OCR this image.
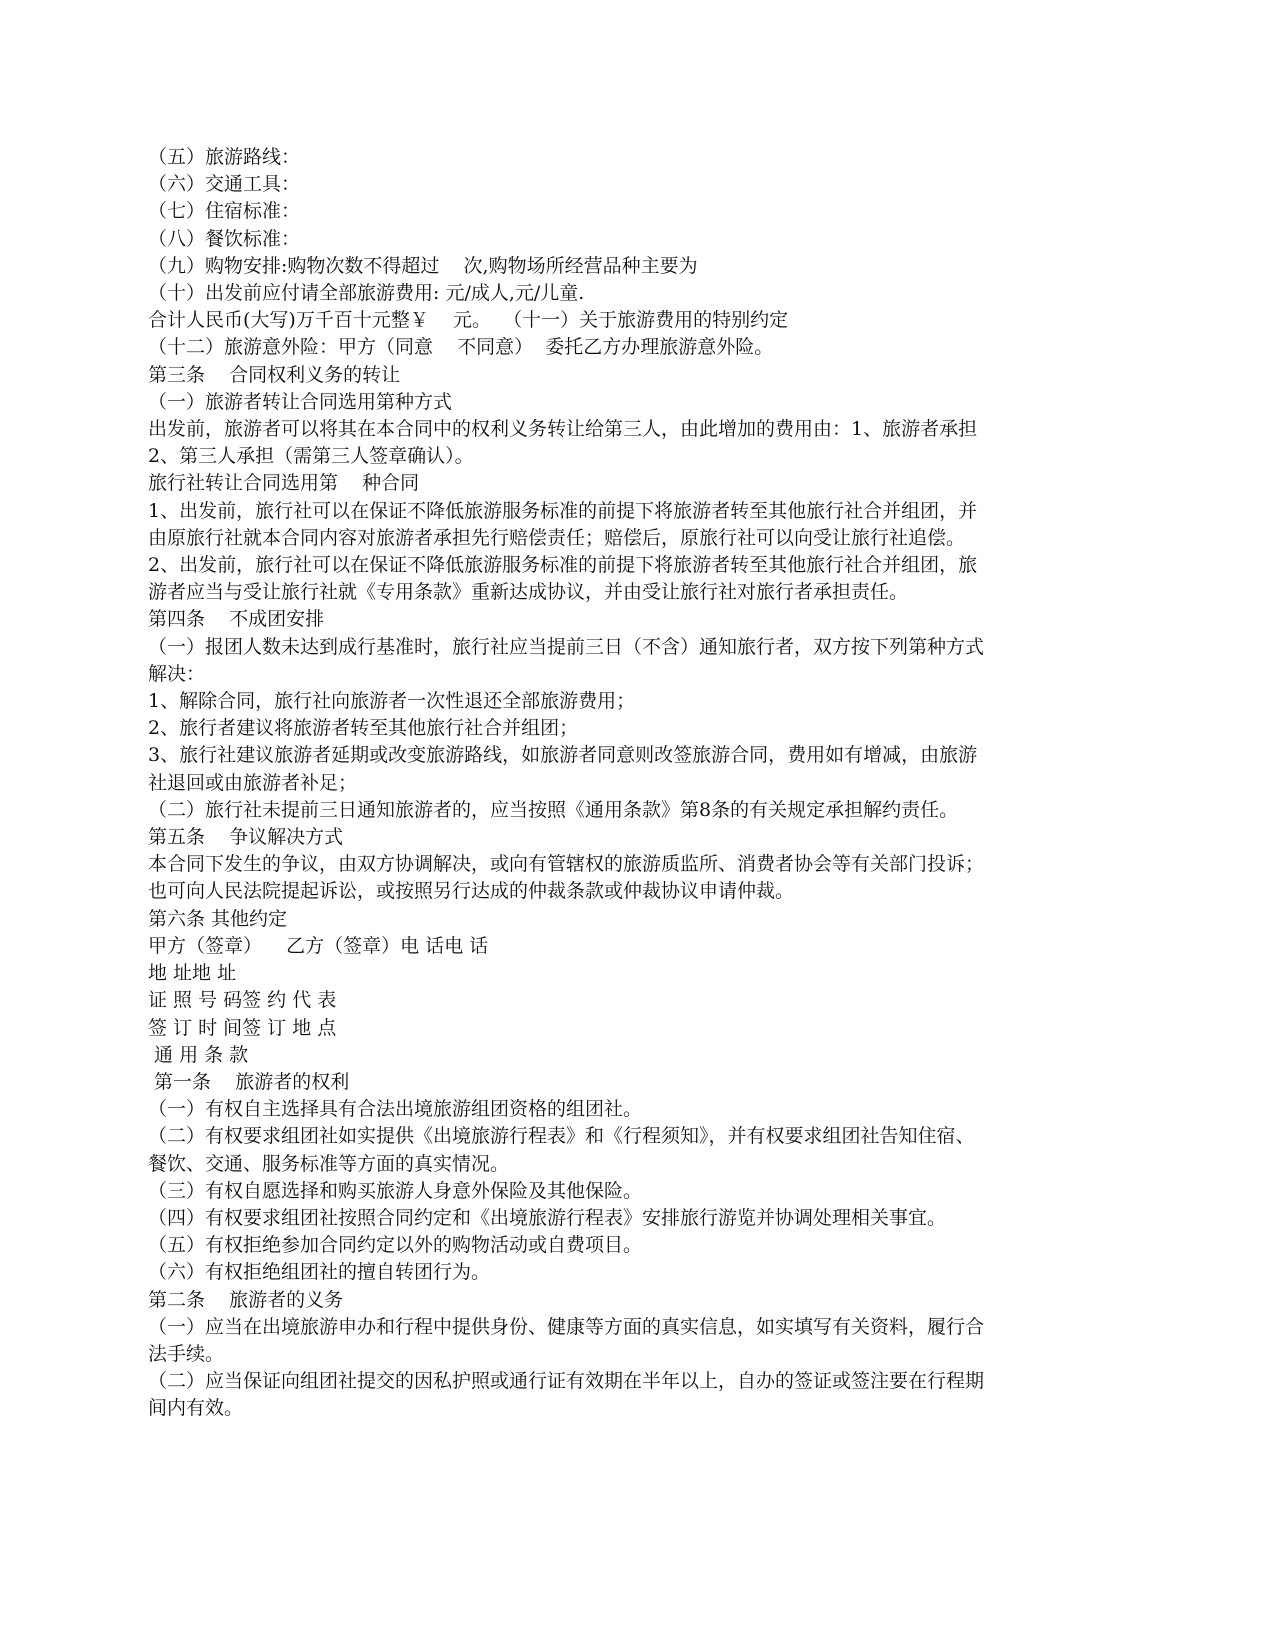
（五）旅游路线：
（六）交通工具：
（七）住宿标准：
（八）餐饮标准：
（九）购物安排:购物次数不得超过    次,购物场所经营品种主要为
（十）出发前应付请全部旅游费用: 元/成人,元/儿童.
合计人民币(大写)万千百十元整￥    元。  （十一）关于旅游费用的特别约定
（十二）旅游意外险：甲方（同意    不同意）  委托乙方办理旅游意外险。
第三条    合同权利义务的转让
（一）旅游者转让合同选用第种方式
出发前，旅游者可以将其在本合同中的权利义务转让给第三人，由此增加的费用由：1、旅游者承担
2、第三人承担（需第三人签章确认）。
旅行社转让合同选用第    种合同
1、出发前，旅行社可以在保证不降低旅游服务标准的前提下将旅游者转至其他旅行社合并组团，并
由原旅行社就本合同内容对旅游者承担先行赔偿责任；赔偿后，原旅行社可以向受让旅行社追偿。
2、出发前，旅行社可以在保证不降低旅游服务标准的前提下将旅游者转至其他旅行社合并组团，旅
游者应当与受让旅行社就《专用条款》重新达成协议，并由受让旅行社对旅行者承担责任。
第四条    不成团安排
（一）报团人数未达到成行基准时，旅行社应当提前三日（不含）通知旅行者，双方按下列第种方式
解决：
1、解除合同，旅行社向旅游者一次性退还全部旅游费用；
2、旅行者建议将旅游者转至其他旅行社合并组团；
3、旅行社建议旅游者延期或改变旅游路线，如旅游者同意则改签旅游合同，费用如有增减，由旅游
社退回或由旅游者补足；
（二）旅行社未提前三日通知旅游者的，应当按照《通用条款》第8条的有关规定承担解约责任。
第五条    争议解决方式
本合同下发生的争议，由双方协调解决，或向有管辖权的旅游质监所、消费者协会等有关部门投诉；
也可向人民法院提起诉讼，或按照另行达成的仲裁条款或仲裁协议申请仲裁。
第六条 其他约定
甲方（签章）    乙方（签章）电 话电 话
地 址地 址
证 照 号 码签 约 代 表
签 订 时 间签 订 地 点
通 用 条 款
第一条    旅游者的权利
（一）有权自主选择具有合法出境旅游组团资格的组团社。
（二）有权要求组团社如实提供《出境旅游行程表》和《行程须知》，并有权要求组团社告知住宿、
餐饮、交通、服务标准等方面的真实情况。
（三）有权自愿选择和购买旅游人身意外保险及其他保险。
（四）有权要求组团社按照合同约定和《出境旅游行程表》安排旅行游览并协调处理相关事宜。
（五）有权拒绝参加合同约定以外的购物活动或自费项目。
（六）有权拒绝组团社的擅自转团行为。
第二条    旅游者的义务
（一）应当在出境旅游申办和行程中提供身份、健康等方面的真实信息，如实填写有关资料，履行合
法手续。
（二）应当保证向组团社提交的因私护照或通行证有效期在半年以上，自办的签证或签注要在行程期
间内有效。
